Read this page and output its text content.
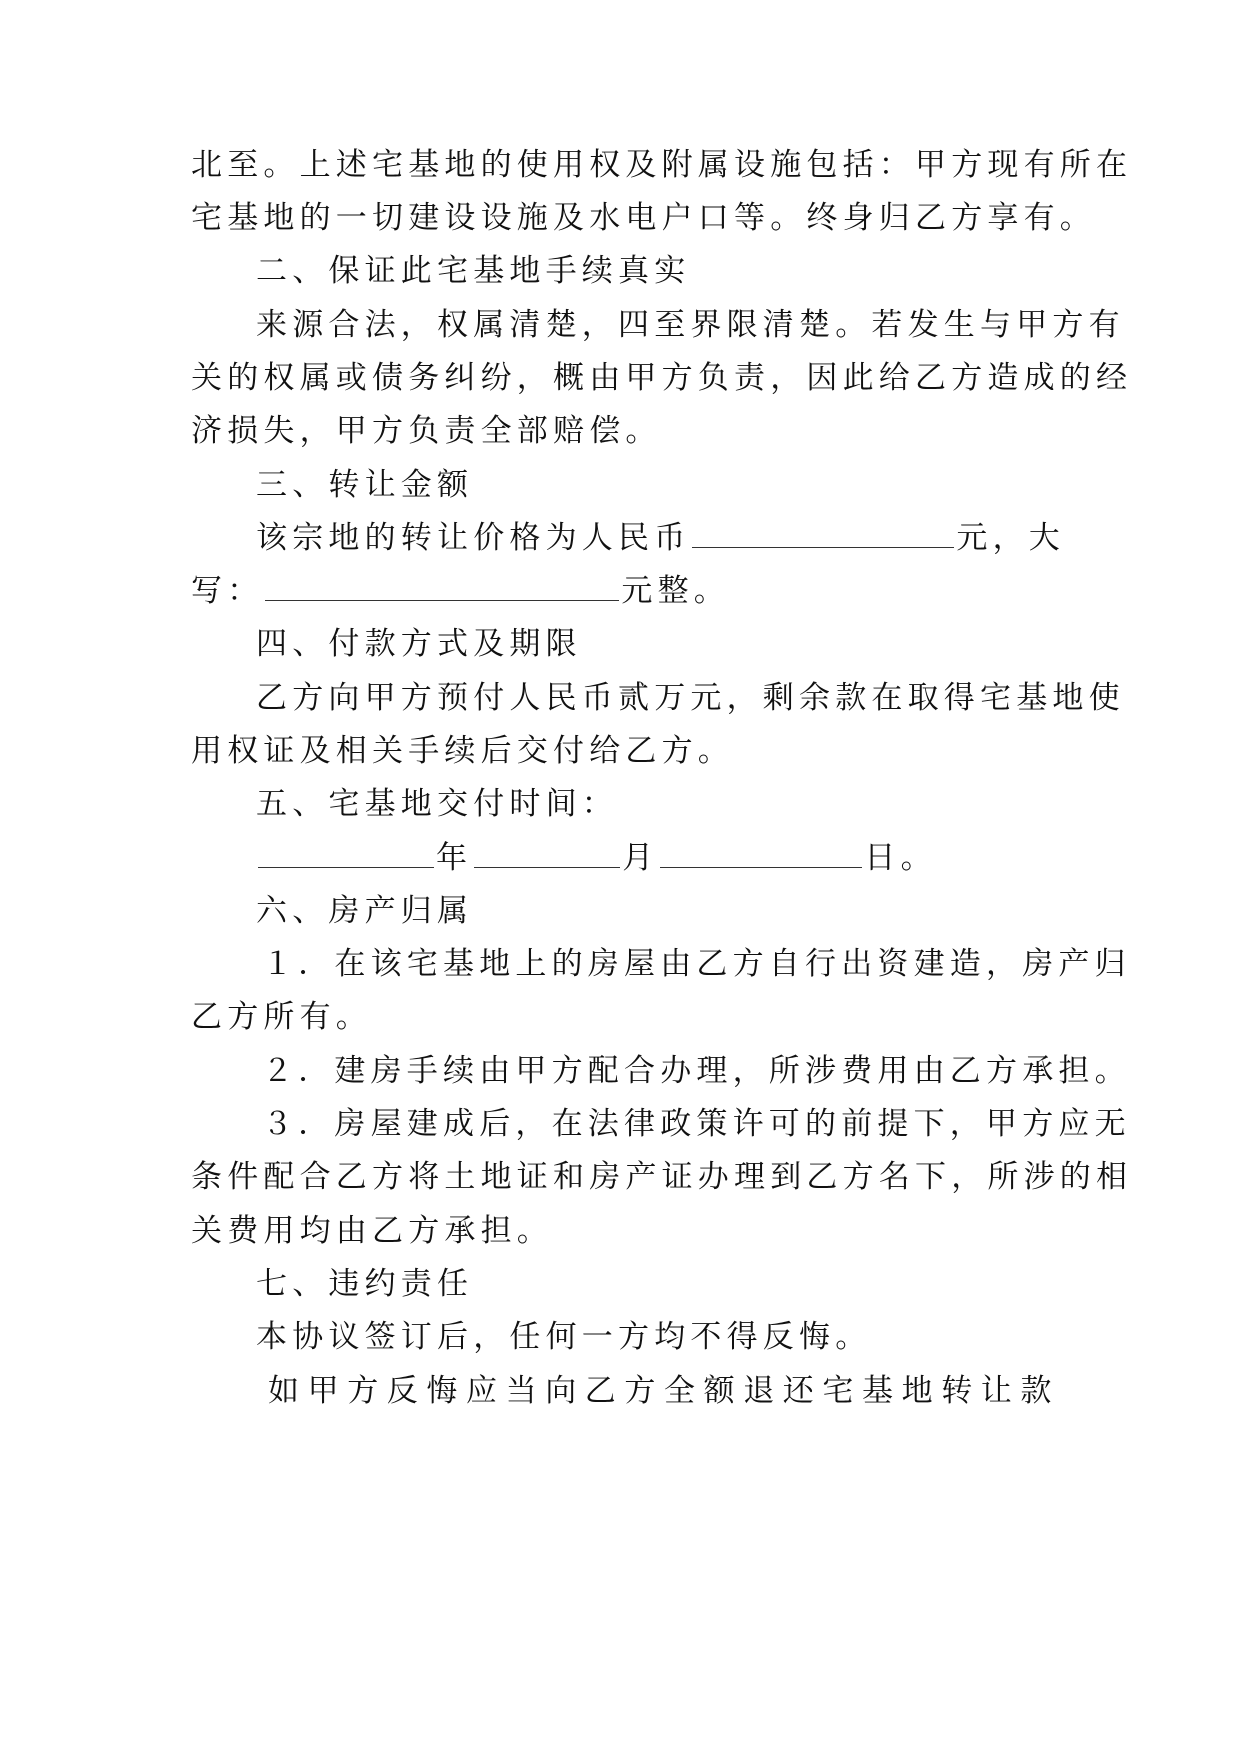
北至。上述宅基地的使用权及附属设施包括：甲方现有所在
宅基地的一切建设设施及水电户口等。终身归乙方享有。
二、保证此宅基地手续真实
来源合法，权属清楚，四至界限清楚。若发生与甲方有
关的权属或债务纠纷，概由甲方负责，因此给乙方造成的经
济损失，甲方负责全部赔偿。
三、转让金额
该宗地的转让价格为人民币	元，大
写：	元整。
四、付款方式及期限
乙方向甲方预付人民币贰万元，剩余款在取得宅基地使
用权证及相关手续后交付给乙方。
五、宅基地交付时间：
年	月	日。
六、房产归属
１．在该宅基地上的房屋由乙方自行出资建造，房产归
乙方所有。
２．建房手续由甲方配合办理，所涉费用由乙方承担。
３．房屋建成后，在法律政策许可的前提下，甲方应无
条件配合乙方将土地证和房产证办理到乙方名下，所涉的相
关费用均由乙方承担。
七、违约责任
本协议签订后，任何一方均不得反悔。
如甲方反悔应当向乙方全额退还宅基地转让款
